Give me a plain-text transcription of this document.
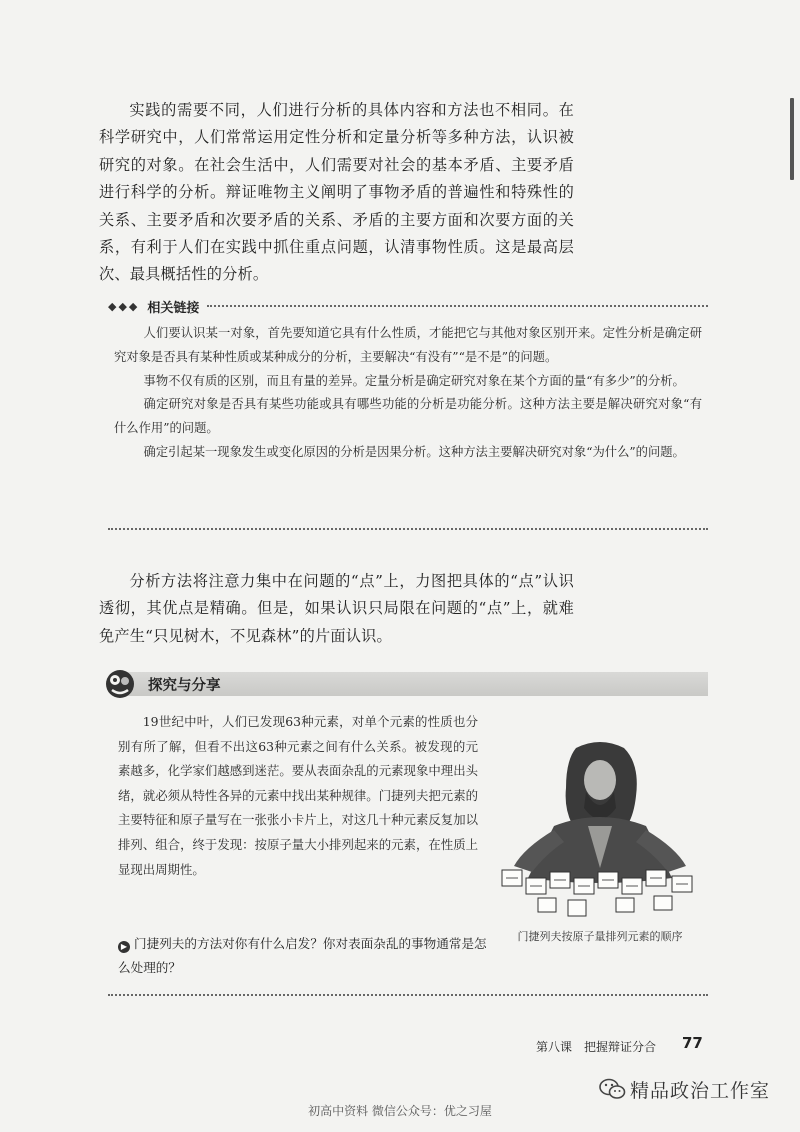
实践的需要不同，人们进行分析的具体内容和方法也不相同。在科学研究中，人们常常运用定性分析和定量分析等多种方法，认识被研究的对象。在社会生活中，人们需要对社会的基本矛盾、主要矛盾进行科学的分析。辩证唯物主义阐明了事物矛盾的普遍性和特殊性的关系、主要矛盾和次要矛盾的关系、矛盾的主要方面和次要方面的关系，有利于人们在实践中抓住重点问题，认清事物性质。这是最高层次、最具概括性的分析。

◆◆◆ 相关链接

人们要认识某一对象，首先要知道它具有什么性质，才能把它与其他对象区别开来。定性分析是确定研究对象是否具有某种性质或某种成分的分析，主要解决“有没有”“是不是”的问题。

事物不仅有质的区别，而且有量的差异。定量分析是确定研究对象在某个方面的量“有多少”的分析。

确定研究对象是否具有某些功能或具有哪些功能的分析是功能分析。这种方法主要是解决研究对象“有什么作用”的问题。

确定引起某一现象发生或变化原因的分析是因果分析。这种方法主要解决研究对象“为什么”的问题。

分析方法将注意力集中在问题的“点”上，力图把具体的“点”认识透彻，其优点是精确。但是，如果认识只局限在问题的“点”上，就难免产生“只见树木，不见森林”的片面认识。

探究与分享

19世纪中叶，人们已发现63种元素，对单个元素的性质也分别有所了解，但看不出这63种元素之间有什么关系。被发现的元素越多，化学家们越感到迷茫。要从表面杂乱的元素现象中理出头绪，就必须从特性各异的元素中找出某种规律。门捷列夫把元素的主要特征和原子量写在一张张小卡片上，对这几十种元素反复加以排列、组合，终于发现：按原子量大小排列起来的元素，在性质上显现出周期性。

门捷列夫按原子量排列元素的顺序

▶ 门捷列夫的方法对你有什么启发？你对表面杂乱的事物通常是怎么处理的？

第八课　把握辩证分合 77
精品政治工作室
初高中资料 微信公众号：优之习屋
